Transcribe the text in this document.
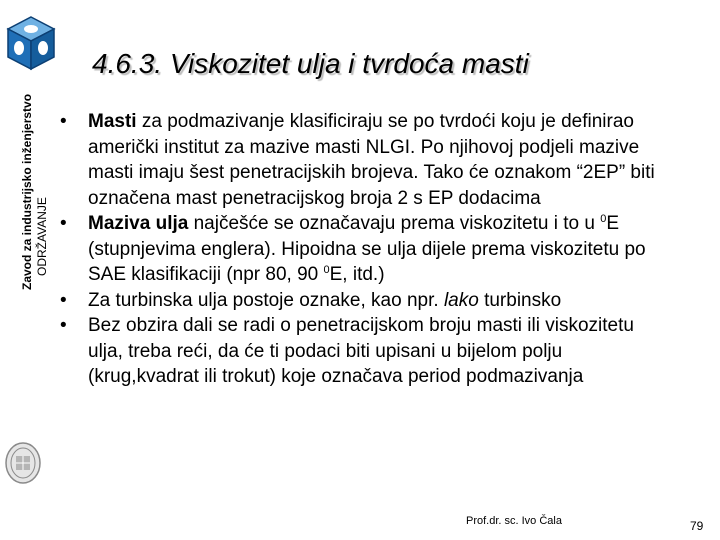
Zavod za industrijsko inženjerstvo ODRŽAVANJE
4.6.3. Viskozitet ulja i tvrdoća masti
• Masti za podmazivanje klasificiraju se po tvrdoći koju je definirao američki institut za mazive masti NLGI. Po njihovoj podjeli mazive masti imaju šest penetracijskih brojeva. Tako će oznakom “2EP” biti označena mast penetracijskog broja 2 s EP dodacima
• Maziva ulja najčešće se označavaju prema viskozitetu i to u $^0$E (stupnjevima englera). Hipoidna se ulja dijele prema viskozitetu po SAE klasifikaciji (npr 80, 90 $^0$E, itd.)
• Za turbinska ulja postoje oznake, kao npr. lako turbinsko
• Bez obzira dali se radi o penetracijskom broju masti ili viskozitetu ulja, treba reći, da će ti podaci biti upisani u bijelom polju (krug,kvadrat ili trokut) koje označava period podmazivanja
Prof.dr. sc. Ivo Čala	79
